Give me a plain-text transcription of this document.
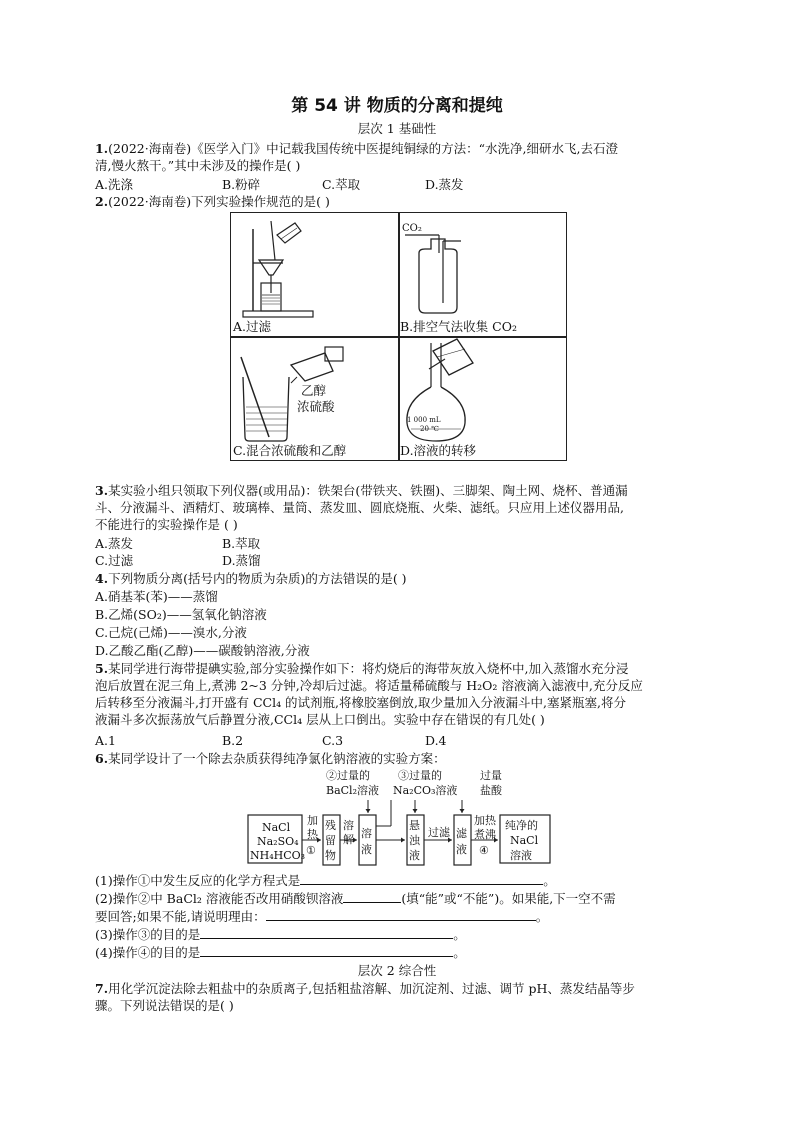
第 54 讲 物质的分离和提纯
层次 1 基础性
1.(2022·海南卷)《医学入门》中记载我国传统中医提纯铜绿的方法：“水洗净,细研水飞,去石澄
清,慢火熬干。”其中未涉及的操作是( )
A.洗涤	B.粉碎	C.萃取	D.蒸发
2.(2022·海南卷)下列实验操作规范的是( )
A.过滤
CO₂
B.排空气法收集 CO₂
乙醇
浓硫酸
C.混合浓硫酸和乙醇
1 000 mL
20 ℃
D.溶液的转移
3.某实验小组只领取下列仪器(或用品)：铁架台(带铁夹、铁圈)、三脚架、陶土网、烧杯、普通漏
斗、分液漏斗、酒精灯、玻璃棒、量筒、蒸发皿、圆底烧瓶、火柴、滤纸。只应用上述仪器用品,
不能进行的实验操作是 ( )
A.蒸发	B.萃取
C.过滤	D.蒸馏
4.下列物质分离(括号内的物质为杂质)的方法错误的是( )
A.硝基苯(苯)——蒸馏
B.乙烯(SO₂)——氢氧化钠溶液
C.己烷(己烯)——溴水,分液
D.乙酸乙酯(乙醇)——碳酸钠溶液,分液
5.某同学进行海带提碘实验,部分实验操作如下：将灼烧后的海带灰放入烧杯中,加入蒸馏水充分浸
泡后放置在泥三角上,煮沸 2~3 分钟,冷却后过滤。将适量稀硫酸与 H₂O₂ 溶液滴入滤液中,充分反应
后转移至分液漏斗,打开盛有 CCl₄ 的试剂瓶,将橡胶塞倒放,取少量加入分液漏斗中,塞紧瓶塞,将分
液漏斗多次振荡放气后静置分液,CCl₄ 层从上口倒出。实验中存在错误的有几处( )
A.1	B.2	C.3	D.4
6.某同学设计了一个除去杂质获得纯净氯化钠溶液的实验方案：
②过量的
BaCl₂溶液
③过量的
Na₂CO₃溶液
过量
盐酸
NaCl
Na₂SO₄
NH₄HCO₃
加
热
①
残
留
物
溶
解 溶
液
悬
浊
液
过滤 滤
液
加热
煮沸
④
纯净的
NaCl
溶液
(1)操作①中发生反应的化学方程式是	。
(2)操作②中 BaCl₂ 溶液能否改用硝酸钡溶液	(填“能”或“不能”)。如果能,下一空不需
要回答;如果不能,请说明理由：	。
(3)操作③的目的是	。
(4)操作④的目的是	。
层次 2 综合性
7.用化学沉淀法除去粗盐中的杂质离子,包括粗盐溶解、加沉淀剂、过滤、调节 pH、蒸发结晶等步
骤。下列说法错误的是( )
